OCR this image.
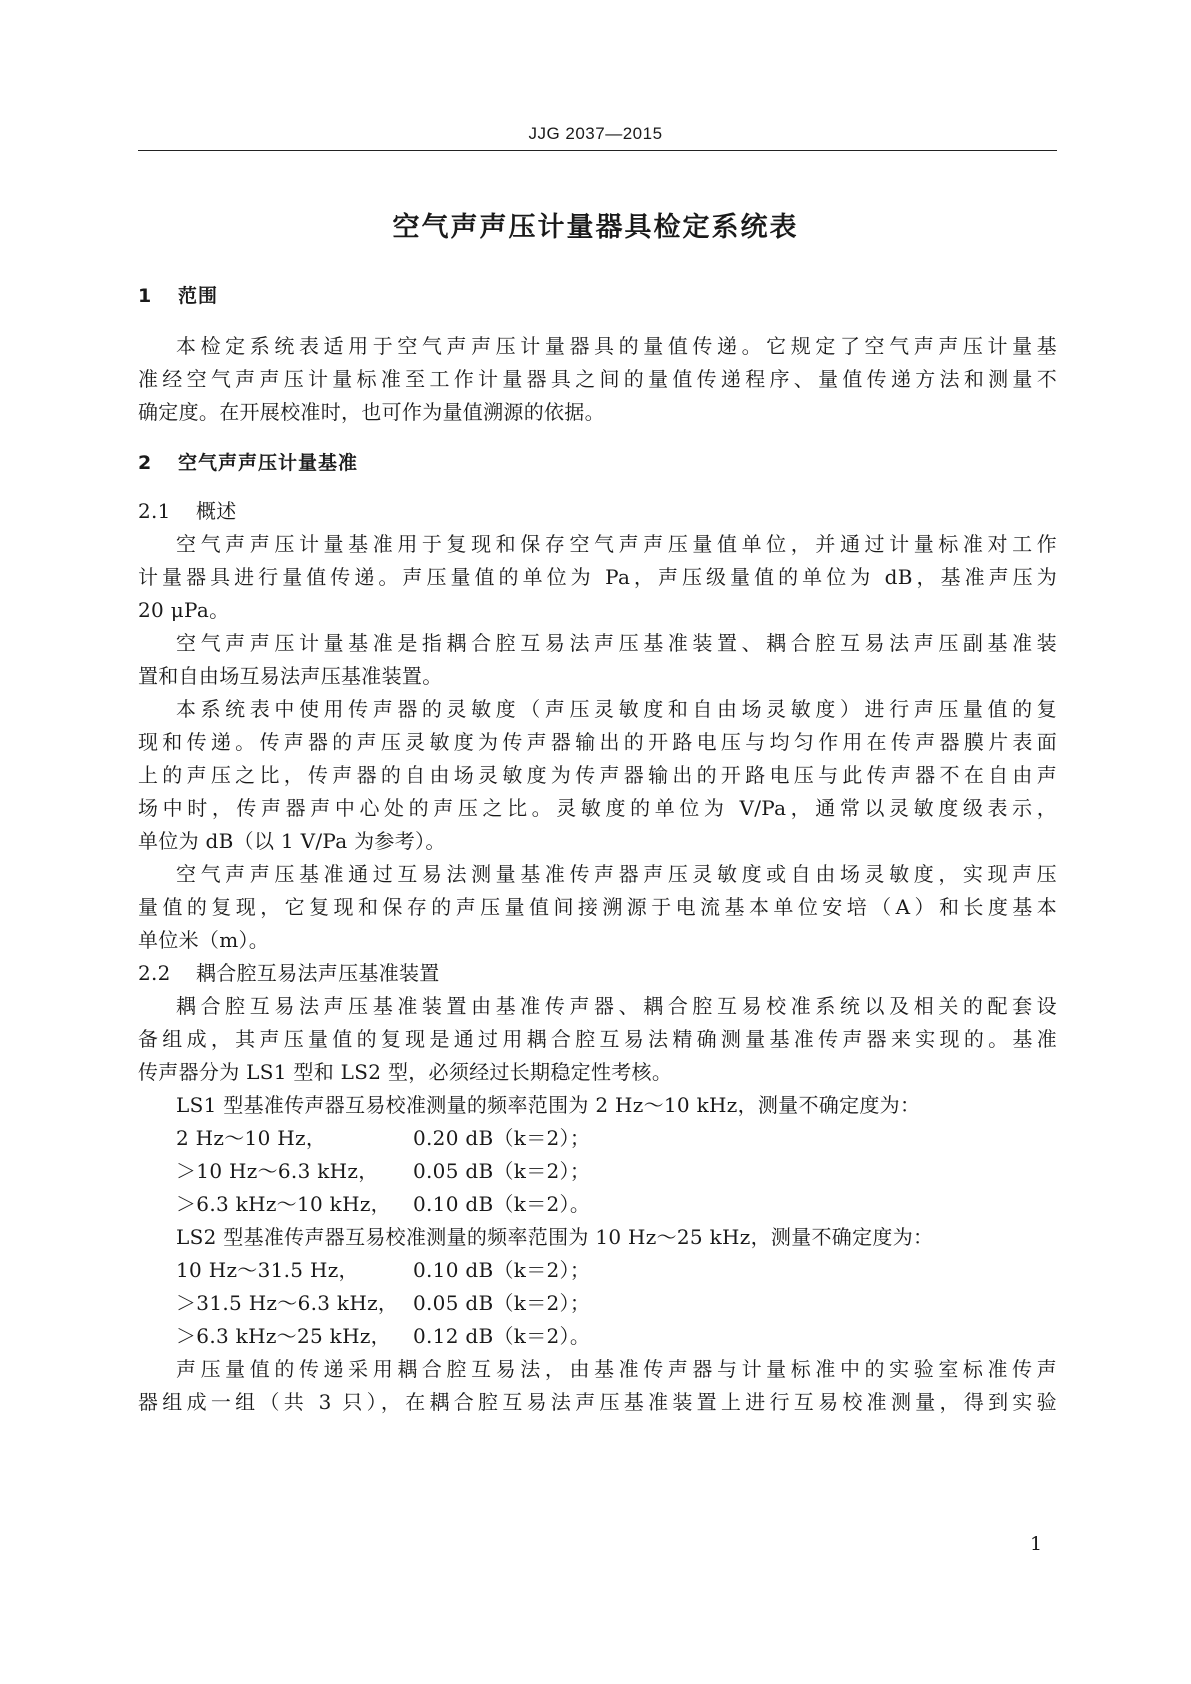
JJG 2037—2015
空气声声压计量器具检定系统表
1 范围
本检定系统表适用于空气声声压计量器具的量值传递。它规定了空气声声压计量基
准经空气声声压计量标准至工作计量器具之间的量值传递程序、量值传递方法和测量不
确定度。在开展校准时，也可作为量值溯源的依据。
2 空气声声压计量基准
2.1 概述
空气声声压计量基准用于复现和保存空气声声压量值单位，并通过计量标准对工作
计量器具进行量值传递。声压量值的单位为 Pa，声压级量值的单位为 dB，基准声压为
20 μPa。
空气声声压计量基准是指耦合腔互易法声压基准装置、耦合腔互易法声压副基准装
置和自由场互易法声压基准装置。
本系统表中使用传声器的灵敏度（声压灵敏度和自由场灵敏度）进行声压量值的复
现和传递。传声器的声压灵敏度为传声器输出的开路电压与均匀作用在传声器膜片表面
上的声压之比，传声器的自由场灵敏度为传声器输出的开路电压与此传声器不在自由声
场中时，传声器声中心处的声压之比。灵敏度的单位为 V/Pa，通常以灵敏度级表示，
单位为 dB（以 1 V/Pa 为参考）。
空气声声压基准通过互易法测量基准传声器声压灵敏度或自由场灵敏度，实现声压
量值的复现，它复现和保存的声压量值间接溯源于电流基本单位安培（A）和长度基本
单位米（m）。
2.2 耦合腔互易法声压基准装置
耦合腔互易法声压基准装置由基准传声器、耦合腔互易校准系统以及相关的配套设
备组成，其声压量值的复现是通过用耦合腔互易法精确测量基准传声器来实现的。基准
传声器分为 LS1 型和 LS2 型，必须经过长期稳定性考核。
LS1 型基准传声器互易校准测量的频率范围为 2 Hz～10 kHz，测量不确定度为：
2 Hz～10 Hz，	0.20 dB（k＝2）；
＞10 Hz～6.3 kHz， 0.05 dB（k＝2）；
＞6.3 kHz～10 kHz， 0.10 dB（k＝2）。
LS2 型基准传声器互易校准测量的频率范围为 10 Hz～25 kHz，测量不确定度为：
10 Hz～31.5 Hz，	0.10 dB（k＝2）；
＞31.5 Hz～6.3 kHz， 0.05 dB（k＝2）；
＞6.3 kHz～25 kHz， 0.12 dB（k＝2）。
声压量值的传递采用耦合腔互易法，由基准传声器与计量标准中的实验室标准传声
器组成一组（共 3 只），在耦合腔互易法声压基准装置上进行互易校准测量，得到实验
1
